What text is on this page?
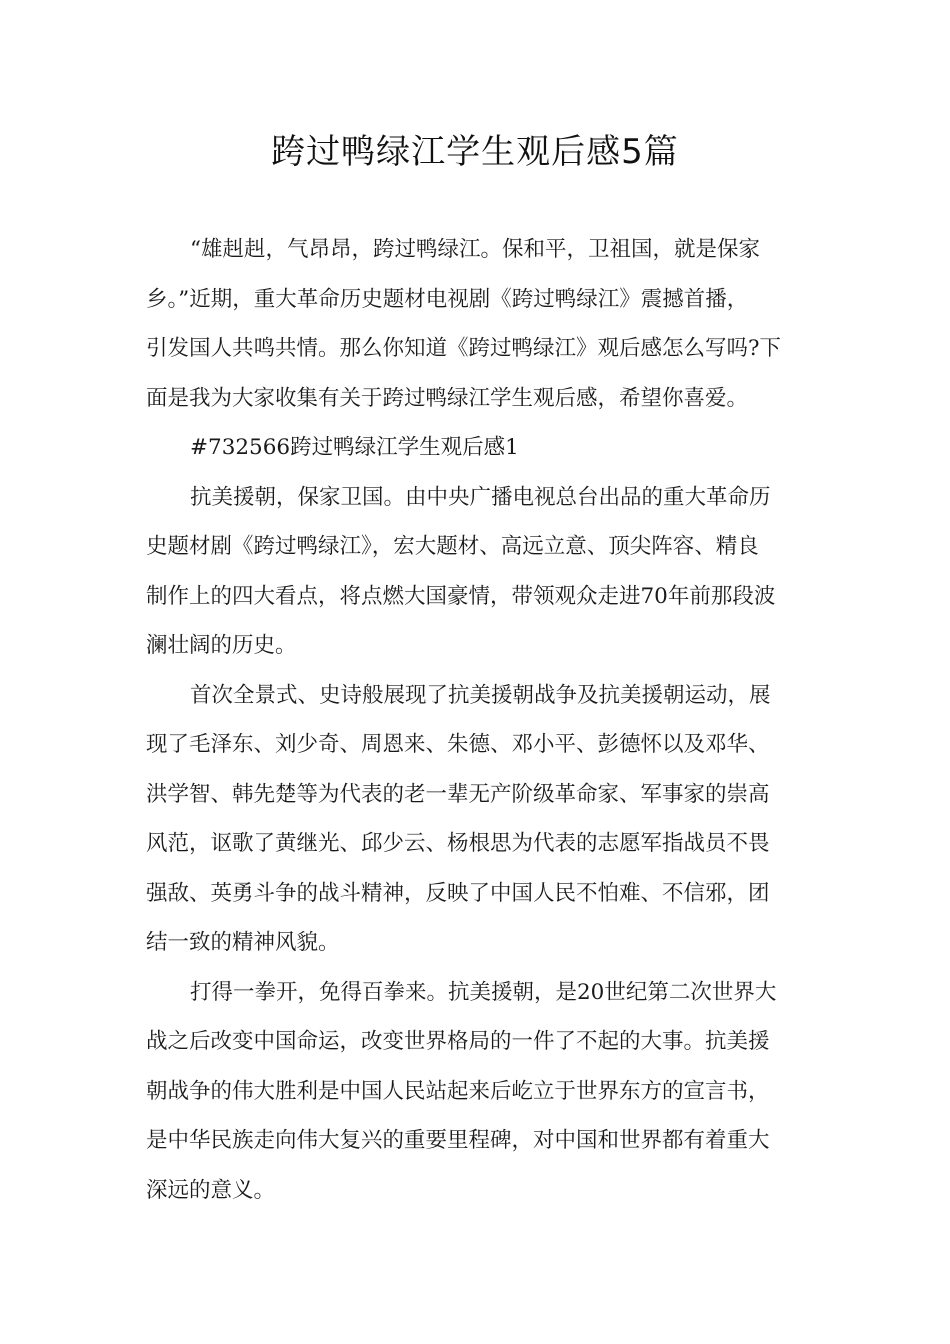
跨过鸭绿江学生观后感5篇

“雄赳赳，气昂昂，跨过鸭绿江。保和平，卫祖国，就是保家
乡。”近期，重大革命历史题材电视剧《跨过鸭绿江》震撼首播，
引发国人共鸣共情。那么你知道《跨过鸭绿江》观后感怎么写吗?下
面是我为大家收集有关于跨过鸭绿江学生观后感，希望你喜爱。

#732566跨过鸭绿江学生观后感1

抗美援朝，保家卫国。由中央广播电视总台出品的重大革命历
史题材剧《跨过鸭绿江》，宏大题材、高远立意、顶尖阵容、精良
制作上的四大看点，将点燃大国豪情，带领观众走进70年前那段波
澜壮阔的历史。

首次全景式、史诗般展现了抗美援朝战争及抗美援朝运动，展
现了毛泽东、刘少奇、周恩来、朱德、邓小平、彭德怀以及邓华、
洪学智、韩先楚等为代表的老一辈无产阶级革命家、军事家的崇高
风范，讴歌了黄继光、邱少云、杨根思为代表的志愿军指战员不畏
强敌、英勇斗争的战斗精神，反映了中国人民不怕难、不信邪，团
结一致的精神风貌。

打得一拳开，免得百拳来。抗美援朝，是20世纪第二次世界大
战之后改变中国命运，改变世界格局的一件了不起的大事。抗美援
朝战争的伟大胜利是中国人民站起来后屹立于世界东方的宣言书，
是中华民族走向伟大复兴的重要里程碑，对中国和世界都有着重大
深远的意义。
